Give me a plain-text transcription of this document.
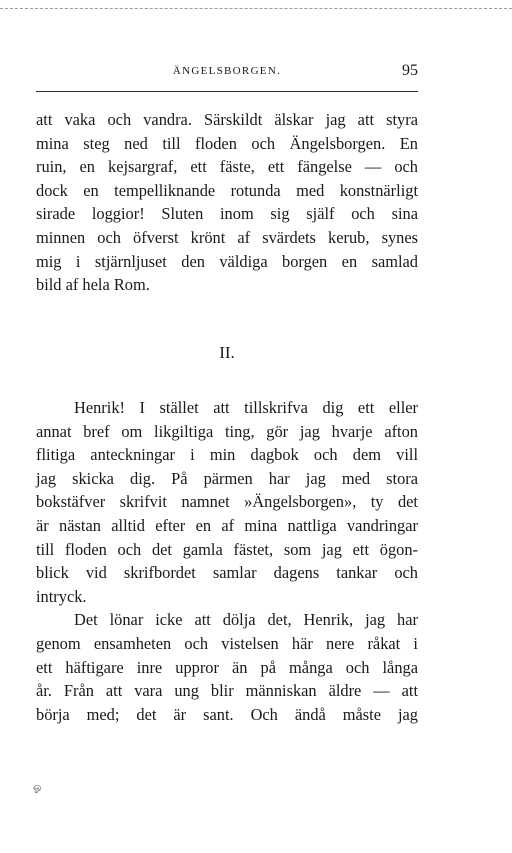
ÄNGELSBORGEN.	95
att vaka och vandra. Särskildt älskar jag att styra
mina steg ned till floden och Ängelsborgen. En
ruin, en kejsargraf, ett fäste, ett fängelse — och
dock en tempelliknande rotunda med konstnärligt
sirade loggior! Sluten inom sig själf och sina
minnen och öfverst krönt af svärdets kerub, synes
mig i stjärnljuset den väldiga borgen en samlad
bild af hela Rom.
II.
Henrik! I stället att tillskrifva dig ett eller
annat bref om likgiltiga ting, gör jag hvarje afton
flitiga anteckningar i min dagbok och dem vill
jag skicka dig. På pärmen har jag med stora
bokstäfver skrifvit namnet »Ängelsborgen», ty det
är nästan alltid efter en af mina nattliga vandringar
till floden och det gamla fästet, som jag ett ögon-
blick vid skrifbordet samlar dagens tankar och
intryck.
Det lönar icke att dölja det, Henrik, jag har
genom ensamheten och vistelsen här nere råkat i
ett häftigare inre uppror än på många och långa
år. Från att vara ung blir människan äldre — att
börja med; det är sant. Och ändå måste jag
ஓ
